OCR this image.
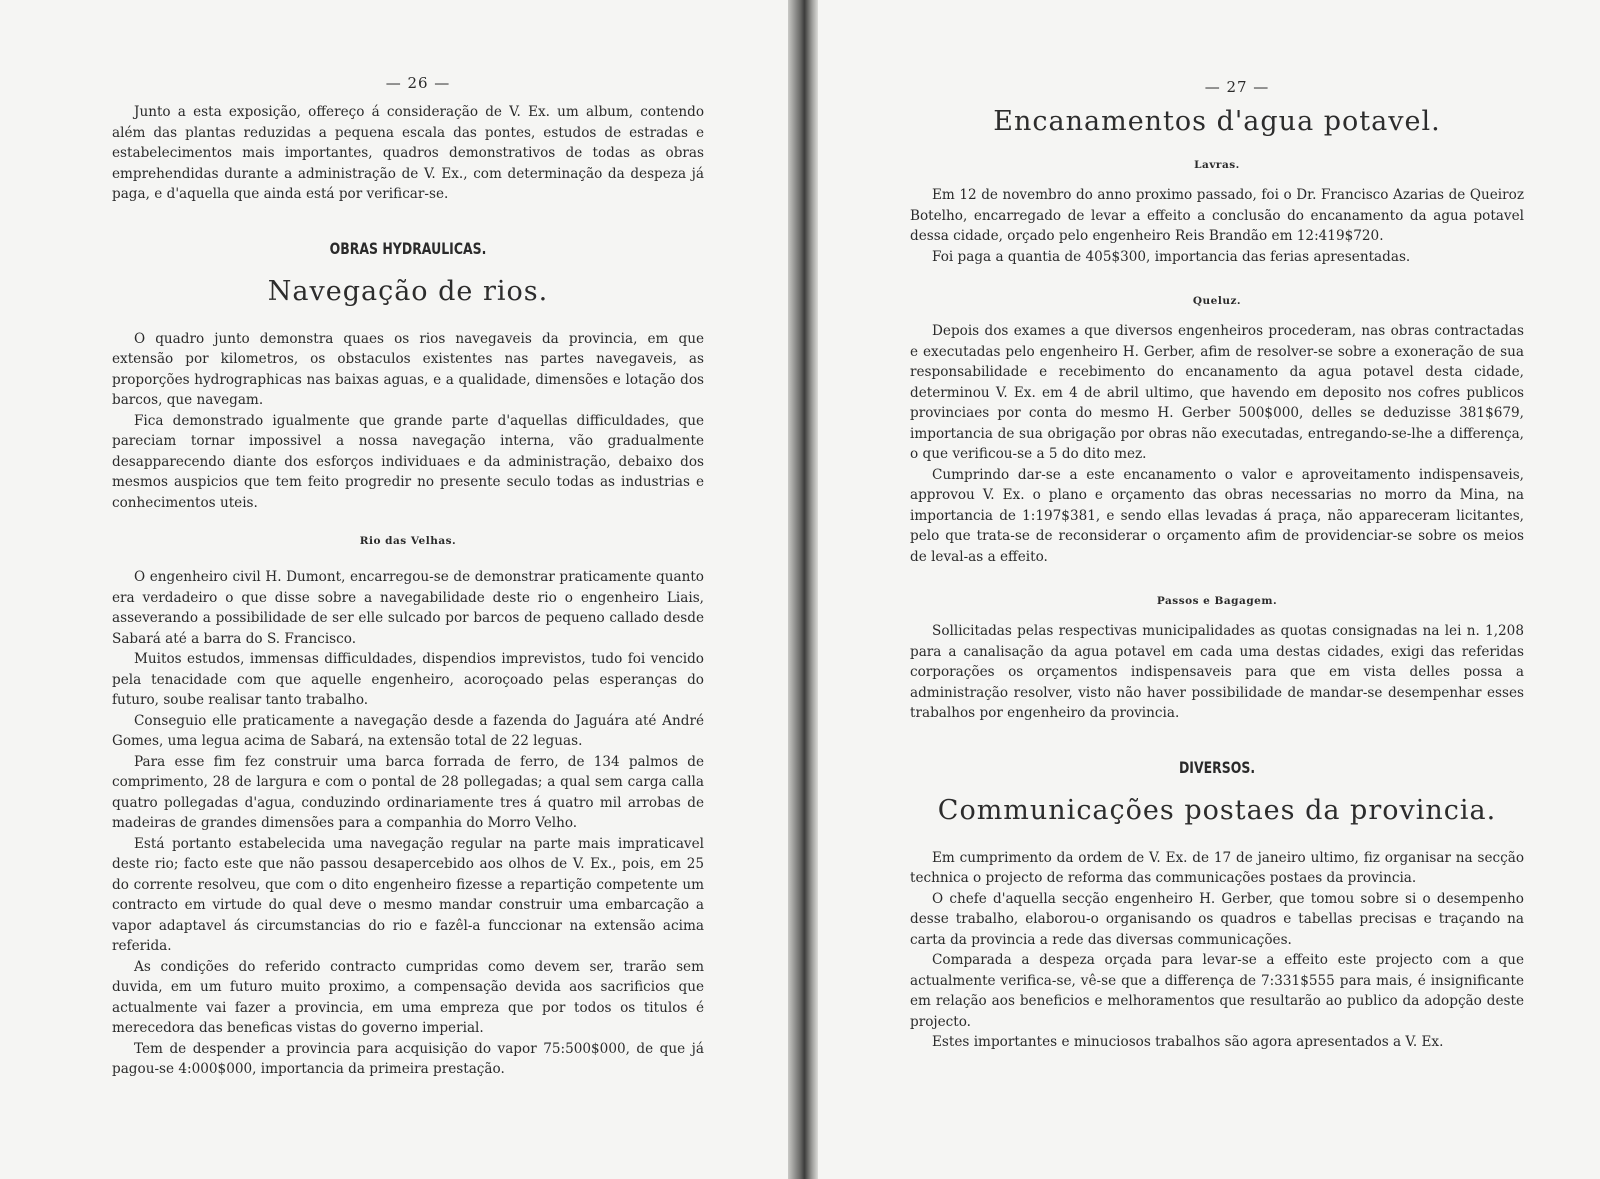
— 26 —

Junto a esta exposição, offereço á consideração de V. Ex. um album, contendo além das plantas reduzidas a pequena escala das pontes, estudos de estradas e estabelecimentos mais importantes, quadros demonstrativos de todas as obras emprehendidas durante a administração de V. Ex., com determinação da despeza já paga, e d'aquella que ainda está por verificar-se.

OBRAS HYDRAULICAS.
Navegação de rios.

O quadro junto demonstra quaes os rios navegaveis da provincia, em que extensão por kilometros, os obstaculos existentes nas partes navegaveis, as proporções hydrographicas nas baixas aguas, e a qualidade, dimensões e lotação dos barcos, que navegam.

Fica demonstrado igualmente que grande parte d'aquellas difficuldades, que pareciam tornar impossivel a nossa navegação interna, vão gradualmente desapparecendo diante dos esforços individuaes e da administração, debaixo dos mesmos auspicios que tem feito progredir no presente seculo todas as industrias e conhecimentos uteis.

Rio das Velhas.

O engenheiro civil H. Dumont, encarregou-se de demonstrar praticamente quanto era verdadeiro o que disse sobre a navegabilidade deste rio o engenheiro Liais, asseverando a possibilidade de ser elle sulcado por barcos de pequeno callado desde Sabará até a barra do S. Francisco.

Muitos estudos, immensas difficuldades, dispendios imprevistos, tudo foi vencido pela tenacidade com que aquelle engenheiro, acoroçoado pelas esperanças do futuro, soube realisar tanto trabalho.

Conseguio elle praticamente a navegação desde a fazenda do Jaguára até André Gomes, uma legua acima de Sabará, na extensão total de 22 leguas.

Para esse fim fez construir uma barca forrada de ferro, de 134 palmos de comprimento, 28 de largura e com o pontal de 28 pollegadas; a qual sem carga calla quatro pollegadas d'agua, conduzindo ordinariamente tres á quatro mil arrobas de madeiras de grandes dimensões para a companhia do Morro Velho.

Está portanto estabelecida uma navegação regular na parte mais impraticavel deste rio; facto este que não passou desapercebido aos olhos de V. Ex., pois, em 25 do corrente resolveu, que com o dito engenheiro fizesse a repartição competente um contracto em virtude do qual deve o mesmo mandar construir uma embarcação a vapor adaptavel ás circumstancias do rio e fazêl-a funccionar na extensão acima referida.

As condições do referido contracto cumpridas como devem ser, trarão sem duvida, em um futuro muito proximo, a compensação devida aos sacrificios que actualmente vai fazer a provincia, em uma empreza que por todos os titulos é merecedora das beneficas vistas do governo imperial.

Tem de despender a provincia para acquisição do vapor 75:500$000, de que já pagou-se 4:000$000, importancia da primeira prestação.

— 27 —
Encanamentos d'agua potavel.
Lavras.

Em 12 de novembro do anno proximo passado, foi o Dr. Francisco Azarias de Queiroz Botelho, encarregado de levar a effeito a conclusão do encanamento da agua potavel dessa cidade, orçado pelo engenheiro Reis Brandão em 12:419$720.

Foi paga a quantia de 405$300, importancia das ferias apresentadas.

Queluz.

Depois dos exames a que diversos engenheiros procederam, nas obras contractadas e executadas pelo engenheiro H. Gerber, afim de resolver-se sobre a exoneração de sua responsabilidade e recebimento do encanamento da agua potavel desta cidade, determinou V. Ex. em 4 de abril ultimo, que havendo em deposito nos cofres publicos provinciaes por conta do mesmo H. Gerber 500$000, delles se deduzisse 381$679, importancia de sua obrigação por obras não executadas, entregando-se-lhe a differença, o que verificou-se a 5 do dito mez.

Cumprindo dar-se a este encanamento o valor e aproveitamento indispensaveis, approvou V. Ex. o plano e orçamento das obras necessarias no morro da Mina, na importancia de 1:197$381, e sendo ellas levadas á praça, não appareceram licitantes, pelo que trata-se de reconsiderar o orçamento afim de providenciar-se sobre os meios de leval-as a effeito.

Passos e Bagagem.

Sollicitadas pelas respectivas municipalidades as quotas consignadas na lei n. 1,208 para a canalisação da agua potavel em cada uma destas cidades, exigi das referidas corporações os orçamentos indispensaveis para que em vista delles possa a administração resolver, visto não haver possibilidade de mandar-se desempenhar esses trabalhos por engenheiro da provincia.

DIVERSOS.
Communicações postaes da provincia.

Em cumprimento da ordem de V. Ex. de 17 de janeiro ultimo, fiz organisar na secção technica o projecto de reforma das communicações postaes da provincia.

O chefe d'aquella secção engenheiro H. Gerber, que tomou sobre si o desempenho desse trabalho, elaborou-o organisando os quadros e tabellas precisas e traçando na carta da provincia a rede das diversas communicações.

Comparada a despeza orçada para levar-se a effeito este projecto com a que actualmente verifica-se, vê-se que a differença de 7:331$555 para mais, é insignificante em relação aos beneficios e melhoramentos que resultarão ao publico da adopção deste projecto.

Estes importantes e minuciosos trabalhos são agora apresentados a V. Ex.
